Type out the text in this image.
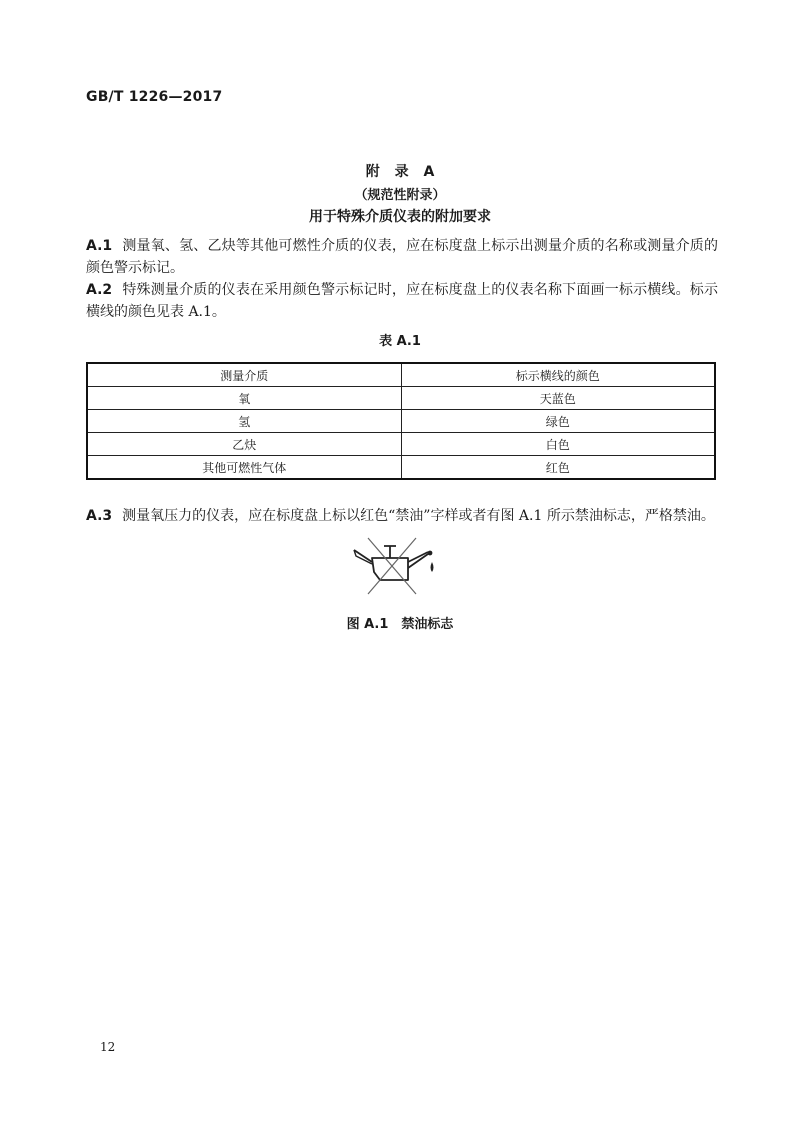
GB/T 1226—2017
附 录 A
（规范性附录）
用于特殊介质仪表的附加要求
A.1 测量氧、氢、乙炔等其他可燃性介质的仪表，应在标度盘上标示出测量介质的名称或测量介质的颜色警示标记。
A.2 特殊测量介质的仪表在采用颜色警示标记时，应在标度盘上的仪表名称下面画一标示横线。标示横线的颜色见表 A.1。
表 A.1
测量介质	标示横线的颜色
氧	天蓝色
氢	绿色
乙炔	白色
其他可燃性气体	红色
A.3 测量氧压力的仪表，应在标度盘上标以红色“禁油”字样或者有图 A.1 所示禁油标志，严格禁油。
图 A.1　禁油标志
12
